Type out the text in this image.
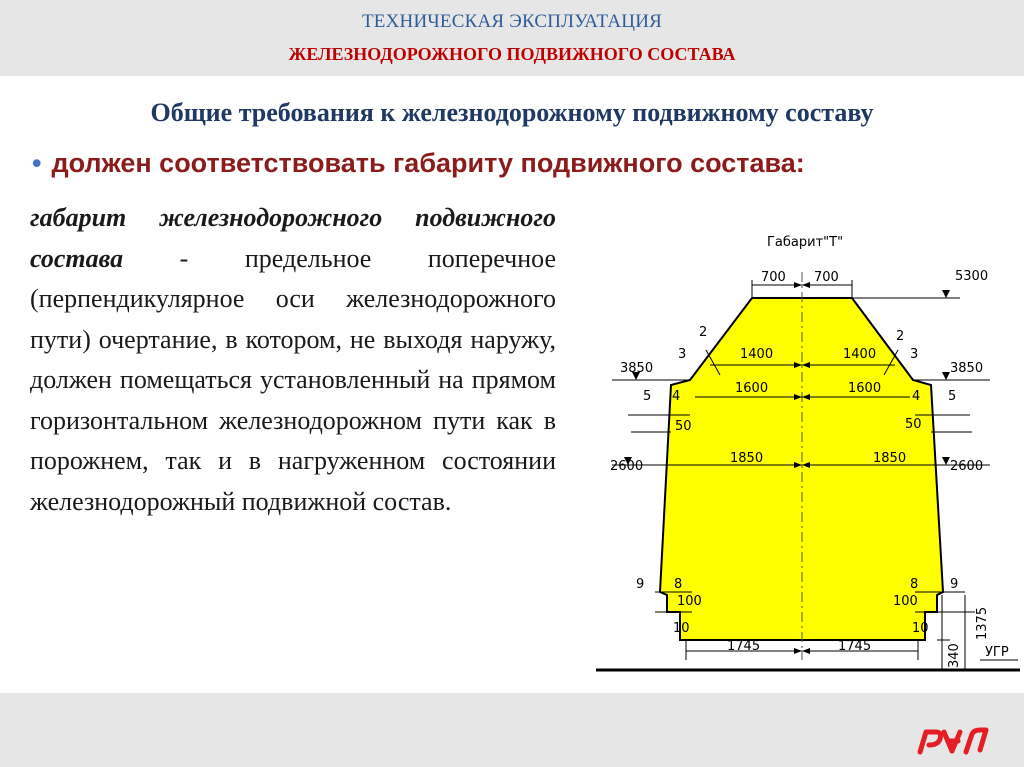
ТЕХНИЧЕСКАЯ ЭКСПЛУАТАЦИЯ
ЖЕЛЕЗНОДОРОЖНОГО ПОДВИЖНОГО СОСТАВА
Общие требования к железнодорожному подвижному составу
• должен соответствовать габариту подвижного состава:
габарит железнодорожного подвижного состава - предельное поперечное (перпендикулярное оси железнодорожного пути) очертание, в котором, не выходя наружу, должен помещаться установленный на прямом горизонтальном железнодорожном пути как в порожнем, так и в нагруженном состоянии железнодорожный подвижной состав.
Габарит"Т"
700 700	5300
1400	1400
1600	1600
3850	3850
50	50
1850	1850
2600	2600
100	100
1745	1745	УГР
1375
340
2	2
3	3
4	4
5	5
8	8
9	9
10	10
